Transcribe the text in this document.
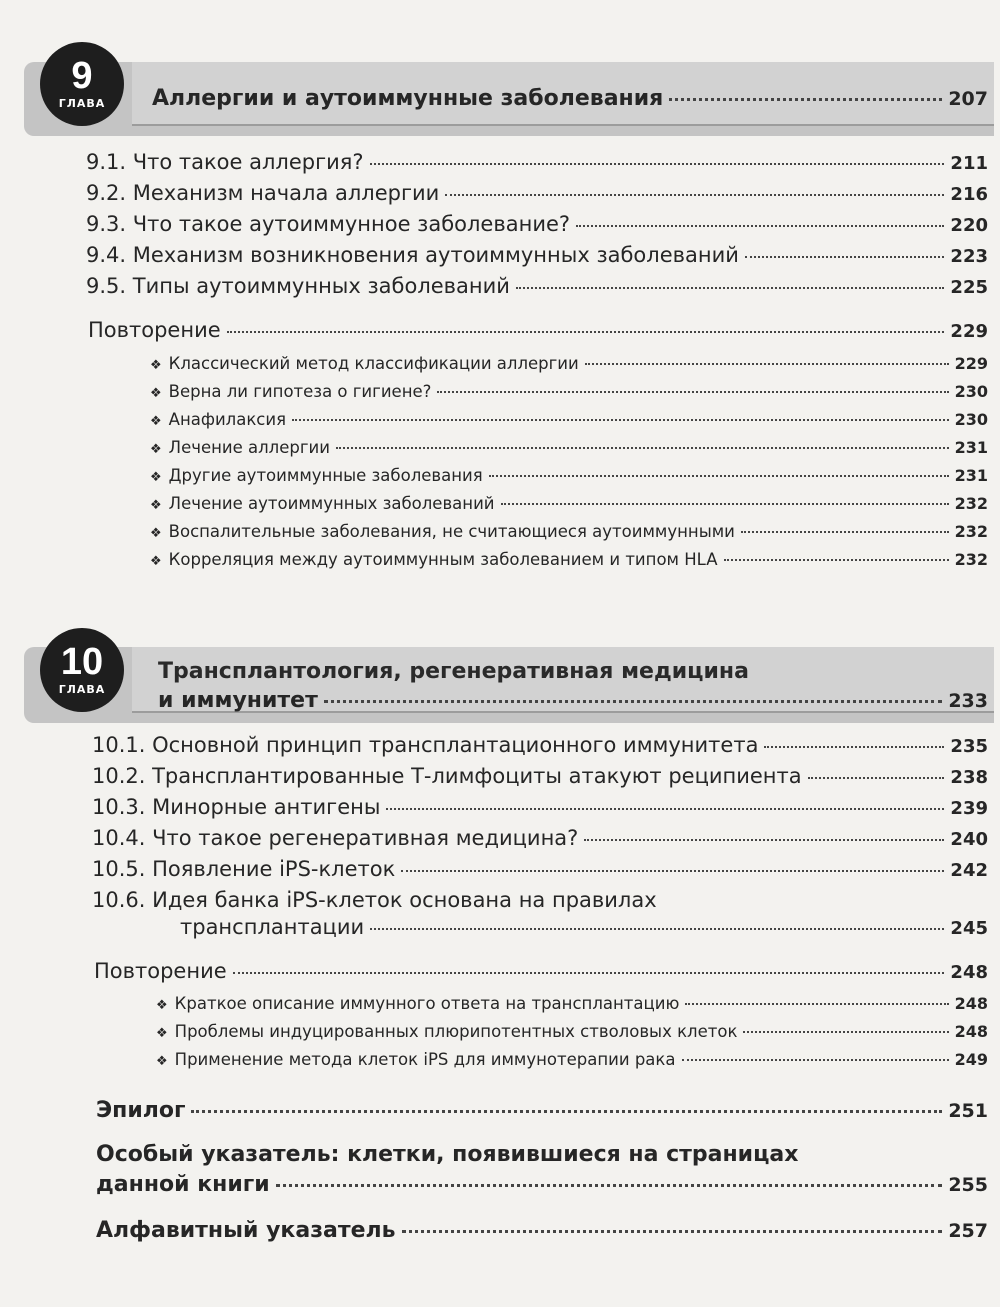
9
ГЛАВА	Аллергии и аутоиммунные заболевания	207
9.1. Что такое аллергия?	211
9.2. Механизм начала аллергии	216
9.3. Что такое аутоиммунное заболевание?	220
9.4. Механизм возникновения аутоиммунных заболеваний	223
9.5. Типы аутоиммунных заболеваний	225
Повторение	229
❖ Классический метод классификации аллергии	229
❖ Верна ли гипотеза о гигиене?	230
❖ Анафилаксия	230
❖ Лечение аллергии	231
❖ Другие аутоиммунные заболевания	231
❖ Лечение аутоиммунных заболеваний	232
❖ Воспалительные заболевания, не считающиеся аутоиммунными	232
❖ Корреляция между аутоиммунным заболеванием и типом HLA	232
10
ГЛАВА
Трансплантология, регенеративная медицина
и иммунитет	233
10.1. Основной принцип трансплантационного иммунитета	235
10.2. Трансплантированные Т-лимфоциты атакуют реципиента	238
10.3. Минорные антигены	239
10.4. Что такое регенеративная медицина?	240
10.5. Появление iPS-клеток	242
10.6. Идея банка iPS-клеток основана на правилах
трансплантации	245
Повторение	248
❖ Краткое описание иммунного ответа на трансплантацию	248
❖ Проблемы индуцированных плюрипотентных стволовых клеток	248
❖ Применение метода клеток iPS для иммунотерапии рака	249
Эпилог	251
Особый указатель: клетки, появившиеся на страницах
данной книги	255
Алфавитный указатель	257
